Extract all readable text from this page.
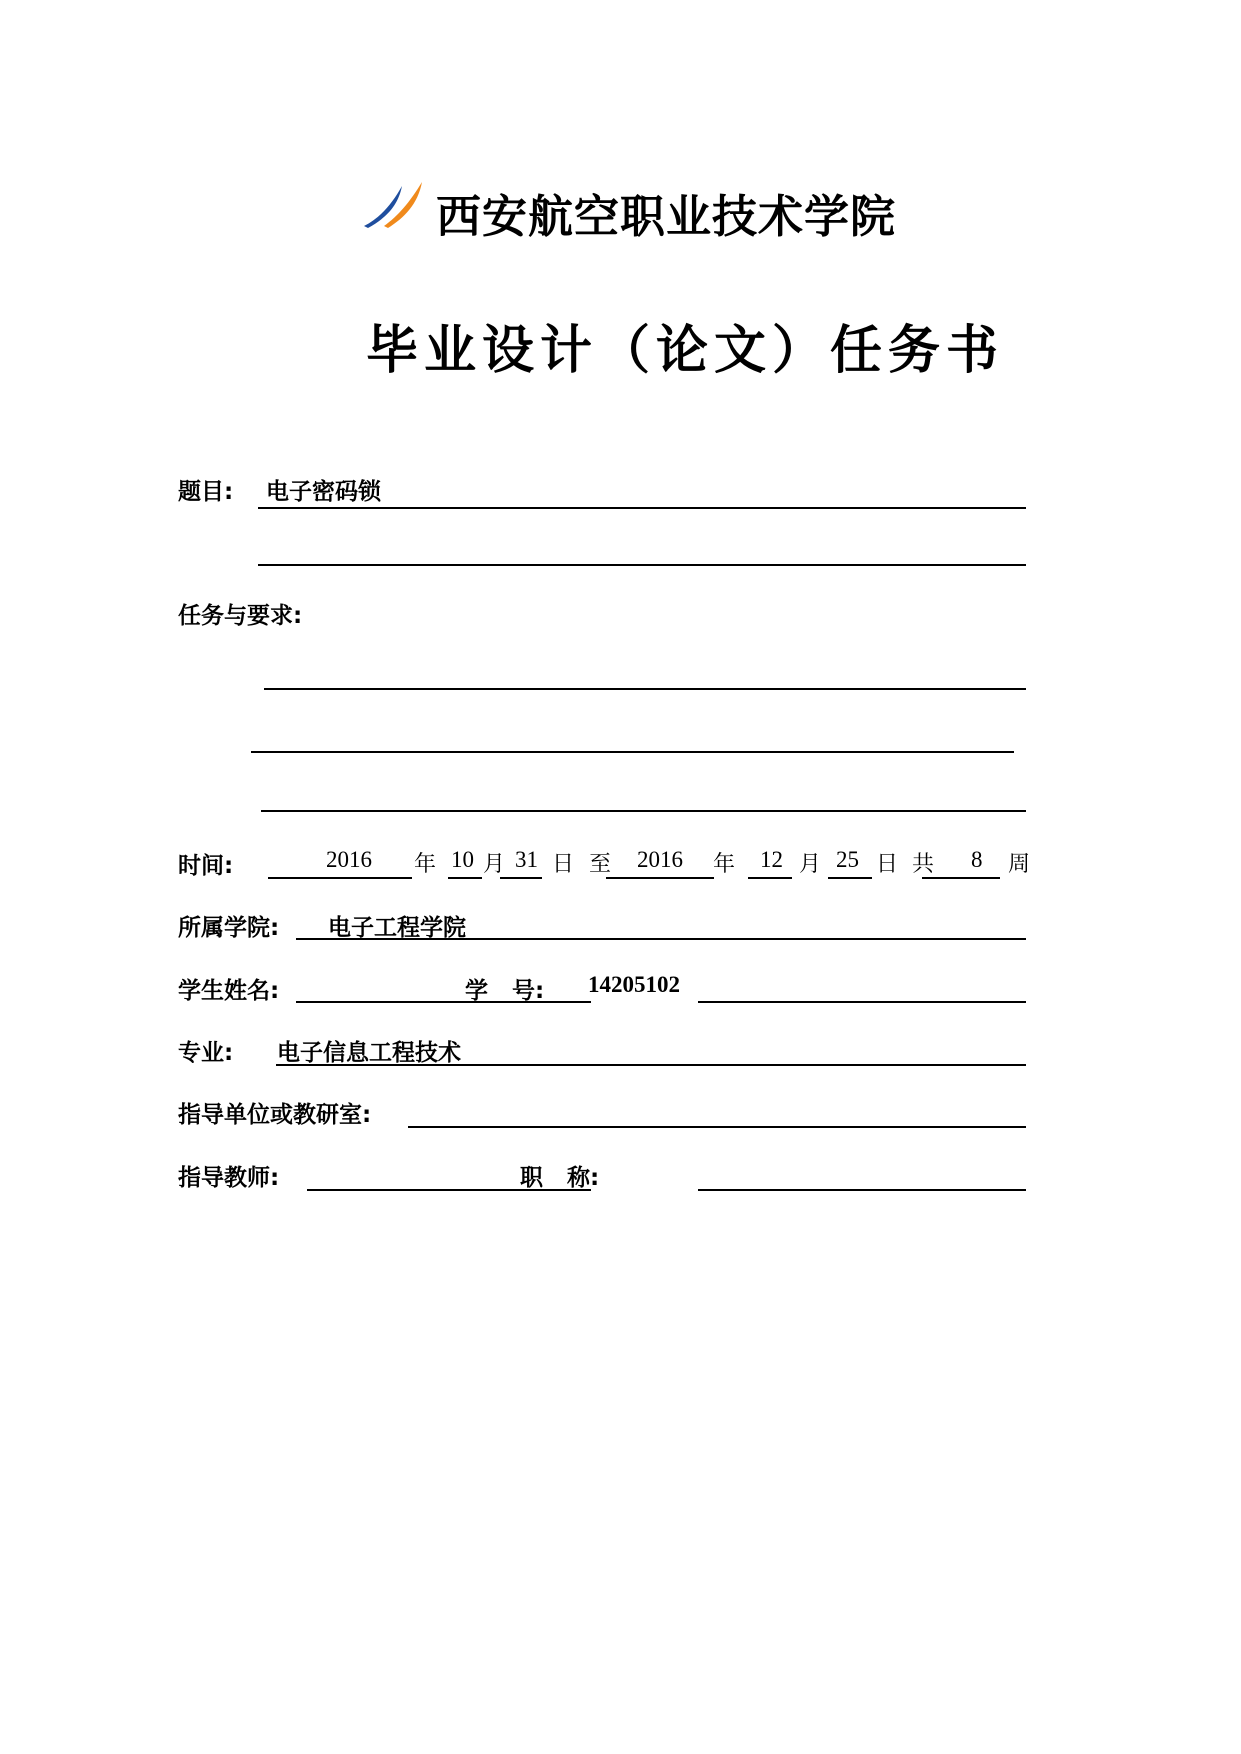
西安航空职业技术学院
毕业设计（论文）任务书
题目: 电子密码锁
任务与要求:
时间:	2016 年 10 月 31 日 至 2016 年 12 月 25 日 共 8 周
所属学院: 电子工程学院
学生姓名:	学   号: 14205102
专业: 电子信息工程技术
指导单位或教研室:
指导教师:	职   称:
